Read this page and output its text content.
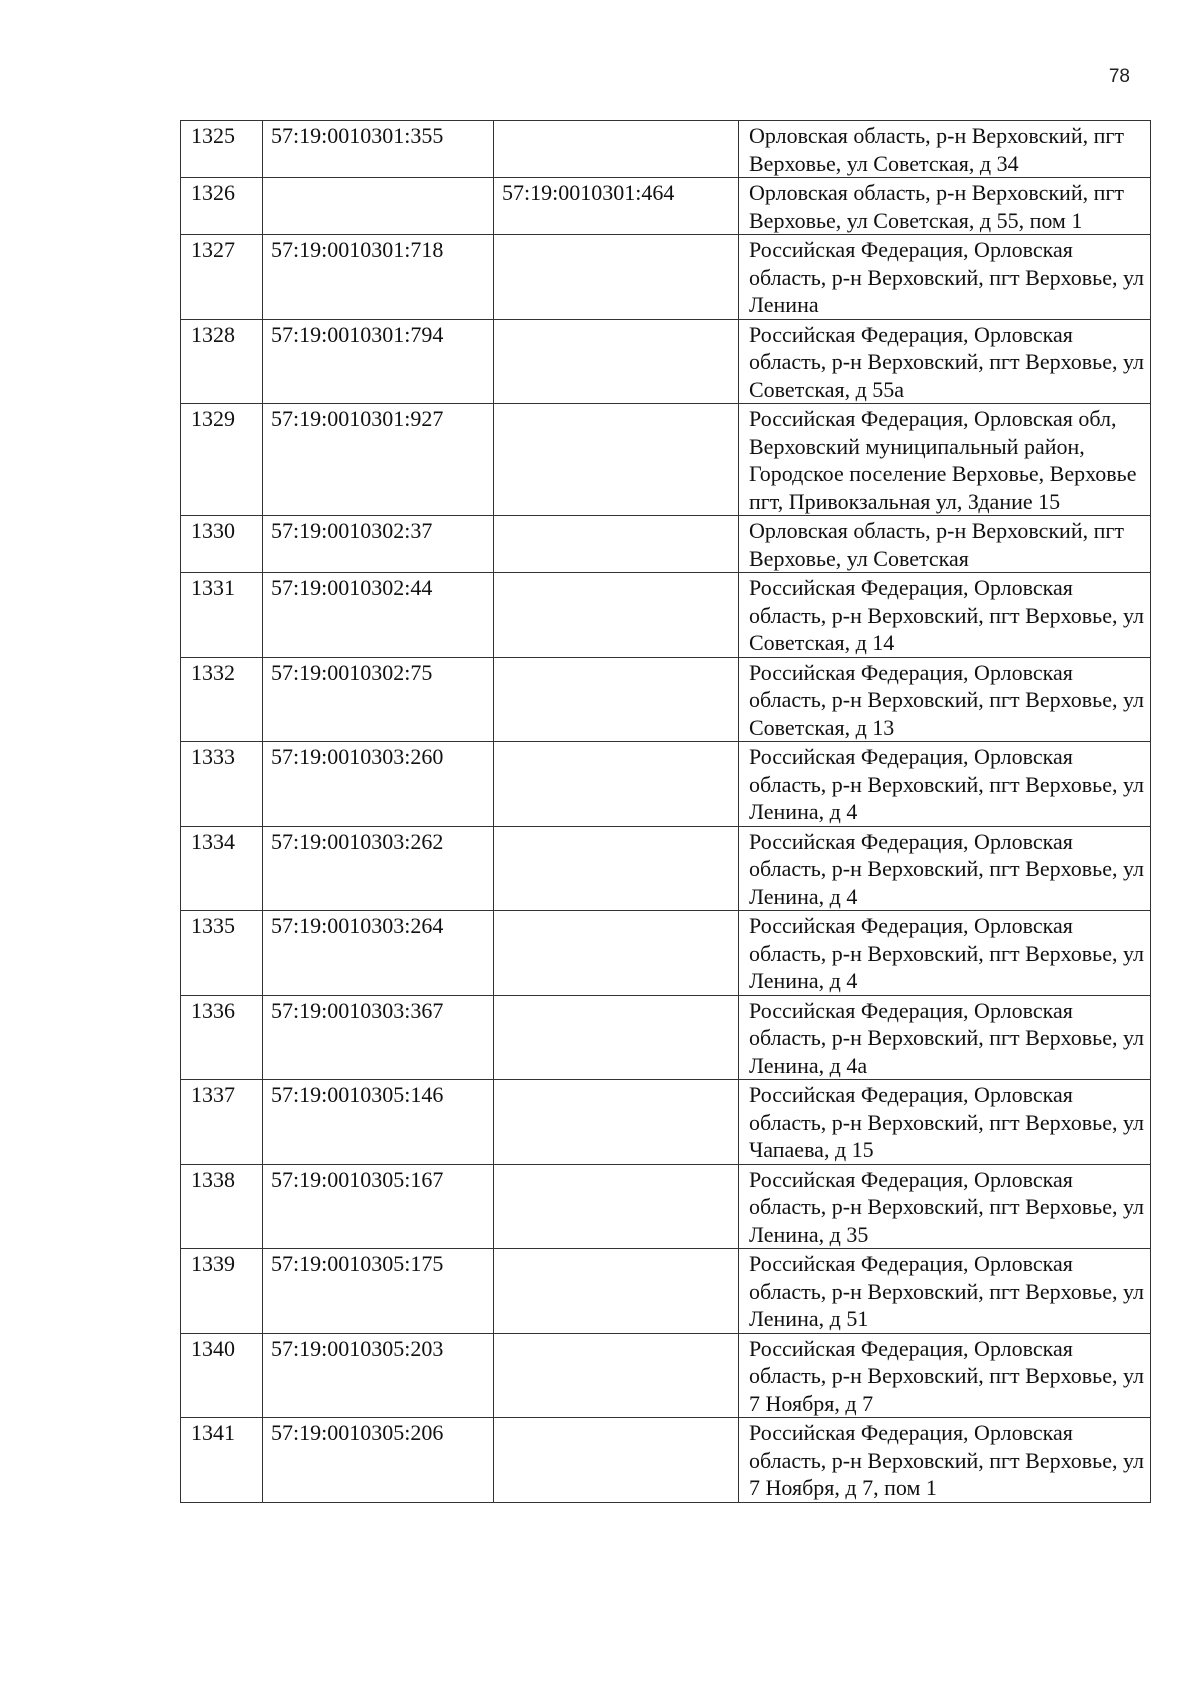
78
1325	57:19:0010301:355		Орловская область, р-н Верховский, пгт Верховье, ул Советская, д 34
1326		57:19:0010301:464	Орловская область, р-н Верховский, пгт Верховье, ул Советская, д 55, пом 1
1327	57:19:0010301:718		Российская Федерация, Орловская область, р-н Верховский, пгт Верховье, ул Ленина
1328	57:19:0010301:794		Российская Федерация, Орловская область, р-н Верховский, пгт Верховье, ул Советская, д 55а
1329	57:19:0010301:927		Российская Федерация, Орловская обл, Верховский муниципальный район, Городское поселение Верховье, Верховье пгт, Привокзальная ул, Здание 15
1330	57:19:0010302:37		Орловская область, р-н Верховский, пгт Верховье, ул Советская
1331	57:19:0010302:44		Российская Федерация, Орловская область, р-н Верховский, пгт Верховье, ул Советская, д 14
1332	57:19:0010302:75		Российская Федерация, Орловская область, р-н Верховский, пгт Верховье, ул Советская, д 13
1333	57:19:0010303:260		Российская Федерация, Орловская область, р-н Верховский, пгт Верховье, ул Ленина, д 4
1334	57:19:0010303:262		Российская Федерация, Орловская область, р-н Верховский, пгт Верховье, ул Ленина, д 4
1335	57:19:0010303:264		Российская Федерация, Орловская область, р-н Верховский, пгт Верховье, ул Ленина, д 4
1336	57:19:0010303:367		Российская Федерация, Орловская область, р-н Верховский, пгт Верховье, ул Ленина, д 4а
1337	57:19:0010305:146		Российская Федерация, Орловская область, р-н Верховский, пгт Верховье, ул Чапаева, д 15
1338	57:19:0010305:167		Российская Федерация, Орловская область, р-н Верховский, пгт Верховье, ул Ленина, д 35
1339	57:19:0010305:175		Российская Федерация, Орловская область, р-н Верховский, пгт Верховье, ул Ленина, д 51
1340	57:19:0010305:203		Российская Федерация, Орловская область, р-н Верховский, пгт Верховье, ул 7 Ноября, д 7
1341	57:19:0010305:206		Российская Федерация, Орловская область, р-н Верховский, пгт Верховье, ул 7 Ноября, д 7, пом 1
